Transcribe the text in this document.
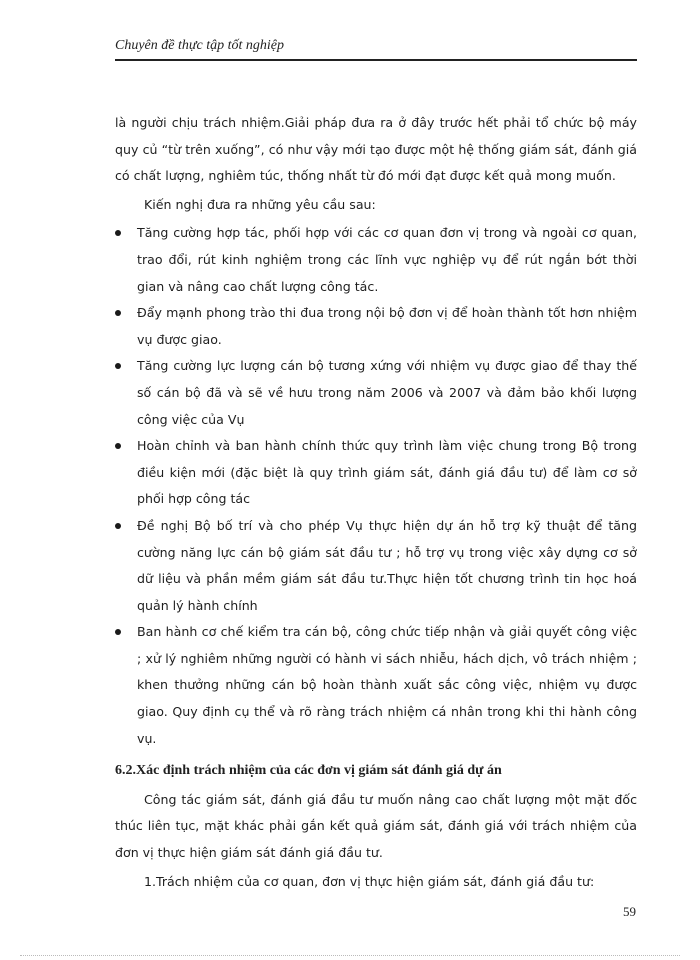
Chuyên đề thực tập tốt nghiệp

là người chịu trách nhiệm.Giải pháp đưa ra ở đây trước hết phải tổ chức bộ máy quy củ “từ trên xuống”, có như vậy mới tạo được một hệ thống giám sát, đánh giá có chất lượng, nghiêm túc, thống nhất từ đó mới đạt được kết quả mong muốn.

Kiến nghị đưa ra những yêu cầu sau:

Tăng cường hợp tác, phối hợp với các cơ quan đơn vị trong và ngoài cơ quan, trao đổi, rút kinh nghiệm trong các lĩnh vực nghiệp vụ để rút ngắn bớt thời gian và nâng cao chất lượng công tác.
Đẩy mạnh phong trào thi đua trong nội bộ đơn vị để hoàn thành tốt hơn nhiệm vụ được giao.
Tăng cường lực lượng cán bộ tương xứng với nhiệm vụ được giao để thay thế số cán bộ đã và sẽ về hưu trong năm 2006 và 2007 và đảm bảo khối lượng công việc của Vụ
Hoàn chỉnh và ban hành chính thức quy trình làm việc chung trong Bộ trong điều kiện mới (đặc biệt là quy trình giám sát, đánh giá đầu tư) để làm cơ sở phối hợp công tác
Đề nghị Bộ bố trí và cho phép Vụ thực hiện dự án hỗ trợ kỹ thuật để tăng cường năng lực cán bộ giám sát đầu tư ; hỗ trợ vụ trong việc xây dựng cơ sở dữ liệu và phần mềm giám sát đầu tư.Thực hiện tốt chương trình tin học hoá quản lý hành chính
Ban hành cơ chế kiểm tra cán bộ, công chức tiếp nhận và giải quyết công việc ; xử lý nghiêm những người có hành vi sách nhiễu, hách dịch, vô trách nhiệm ; khen thưởng những cán bộ hoàn thành xuất sắc công việc, nhiệm vụ được giao. Quy định cụ thể và rõ ràng trách nhiệm cá nhân trong khi thi hành công vụ.

6.2.Xác định trách nhiệm của các đơn vị giám sát đánh giá dự án

Công tác giám sát, đánh giá đầu tư muốn nâng cao chất lượng một mặt đốc thúc liên tục, mặt khác phải gắn kết quả giám sát, đánh giá với trách nhiệm của đơn vị thực hiện giám sát đánh giá đầu tư.

1.Trách nhiệm của cơ quan, đơn vị thực hiện giám sát, đánh giá đầu tư:

59
